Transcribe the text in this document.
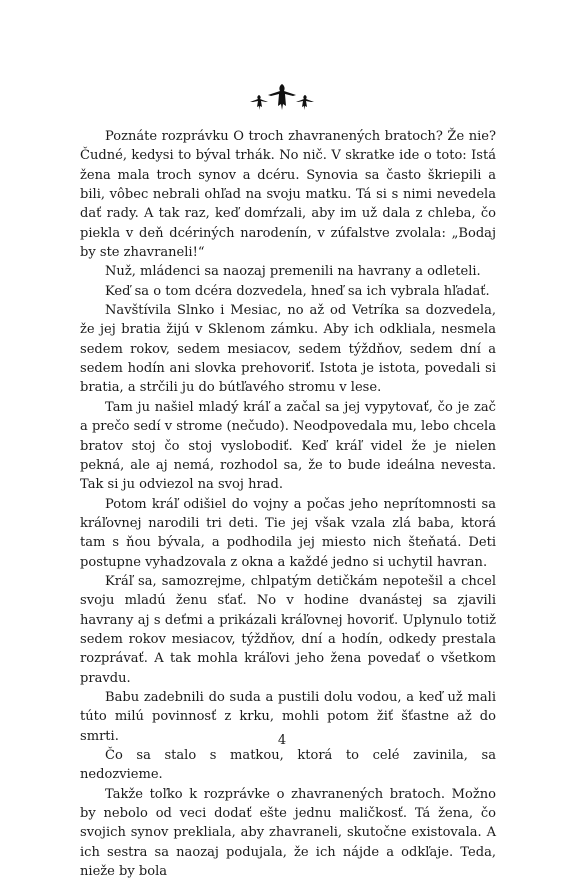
Poznáte rozprávku O troch zhavranených bratoch? Že nie? Čudné, kedysi to býval trhák. No nič. V skratke ide o toto: Istá žena mala troch synov a dcéru. Synovia sa často škriepili a bili, vôbec nebrali ohľad na svoju matku. Tá si s nimi nevedela dať rady. A tak raz, keď domŕzali, aby im už dala z chleba, čo piekla v deň dcériných narodenín, v zúfalstve zvolala: „Bodaj by ste zhavraneli!“

Nuž, mládenci sa naozaj premenili na havrany a odleteli.

Keď sa o tom dcéra dozvedela, hneď sa ich vybrala hľadať.

Navštívila Slnko i Mesiac, no až od Vetríka sa dozvedela, že jej bratia žijú v Sklenom zámku. Aby ich odkliala, nesmela sedem rokov, sedem mesiacov, sedem týždňov, sedem dní a sedem hodín ani slovka prehovoriť. Istota je istota, povedali si bratia, a strčili ju do bútľavého stromu v lese.

Tam ju našiel mladý kráľ a začal sa jej vypytovať, čo je zač a prečo sedí v strome (nečudo). Neodpovedala mu, lebo chcela bratov stoj čo stoj vyslobodiť. Keď kráľ videl že je nielen pekná, ale aj nemá, rozhodol sa, že to bude ideálna nevesta. Tak si ju odviezol na svoj hrad.

Potom kráľ odišiel do vojny a počas jeho neprítomnosti sa kráľovnej narodili tri deti. Tie jej však vzala zlá baba, ktorá tam s ňou bývala, a podhodila jej miesto nich šteňatá. Deti postupne vyhadzovala z okna a každé jedno si uchytil havran.

Kráľ sa, samozrejme, chlpatým detičkám nepotešil a chcel svoju mladú ženu sťať. No v hodine dvanástej sa zjavili havrany aj s deťmi a prikázali kráľovnej hovoriť. Uplynulo totiž sedem rokov mesiacov, týždňov, dní a hodín, odkedy prestala rozprávať. A tak mohla kráľovi jeho žena povedať o všetkom pravdu.

Babu zadebnili do suda a pustili dolu vodou, a keď už mali túto milú povinnosť z krku, mohli potom žiť šťastne až do smrti.

Čo sa stalo s matkou, ktorá to celé zavinila, sa nedozvieme.

Takže toľko k rozprávke o zhavranených bratoch. Možno by nebolo od veci dodať ešte jednu maličkosť. Tá žena, čo svojich synov prekliala, aby zhavraneli, skutočne existovala. A ich sestra sa naozaj podujala, že ich nájde a odkľaje. Teda, nieže by bola

4
